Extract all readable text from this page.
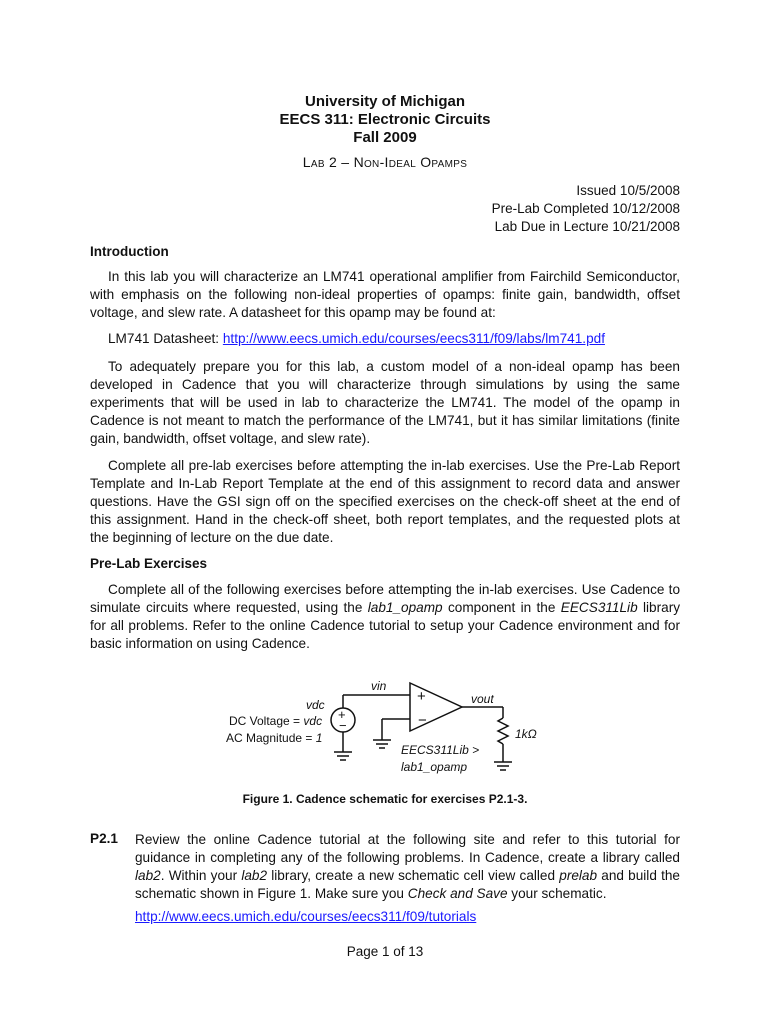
University of Michigan
EECS 311: Electronic Circuits
Fall 2009
Lab 2 – Non-Ideal Opamps
Issued 10/5/2008
Pre-Lab Completed 10/12/2008
Lab Due in Lecture 10/21/2008
Introduction
In this lab you will characterize an LM741 operational amplifier from Fairchild Semiconductor, with emphasis on the following non-ideal properties of opamps: finite gain, bandwidth, offset voltage, and slew rate. A datasheet for this opamp may be found at:
LM741 Datasheet: http://www.eecs.umich.edu/courses/eecs311/f09/labs/lm741.pdf
To adequately prepare you for this lab, a custom model of a non-ideal opamp has been developed in Cadence that you will characterize through simulations by using the same experiments that will be used in lab to characterize the LM741. The model of the opamp in Cadence is not meant to match the performance of the LM741, but it has similar limitations (finite gain, bandwidth, offset voltage, and slew rate).
Complete all pre-lab exercises before attempting the in-lab exercises. Use the Pre-Lab Report Template and In-Lab Report Template at the end of this assignment to record data and answer questions. Have the GSI sign off on the specified exercises on the check-off sheet at the end of this assignment. Hand in the check-off sheet, both report templates, and the requested plots at the beginning of lecture on the due date.
Pre-Lab Exercises
Complete all of the following exercises before attempting the in-lab exercises. Use Cadence to simulate circuits where requested, using the lab1_opamp component in the EECS311Lib library for all problems. Refer to the online Cadence tutorial to setup your Cadence environment and for basic information on using Cadence.
+
−
+
−
vin
vout
vdc
DC Voltage = vdc
AC Magnitude = 1	1kΩ
EECS311Lib >
lab1_opamp
Figure 1. Cadence schematic for exercises P2.1-3.
P2.1 Review the online Cadence tutorial at the following site and refer to this tutorial for guidance in completing any of the following problems. In Cadence, create a library called lab2. Within your lab2 library, create a new schematic cell view called prelab and build the schematic shown in Figure 1. Make sure you Check and Save your schematic.
http://www.eecs.umich.edu/courses/eecs311/f09/tutorials
Page 1 of 13
